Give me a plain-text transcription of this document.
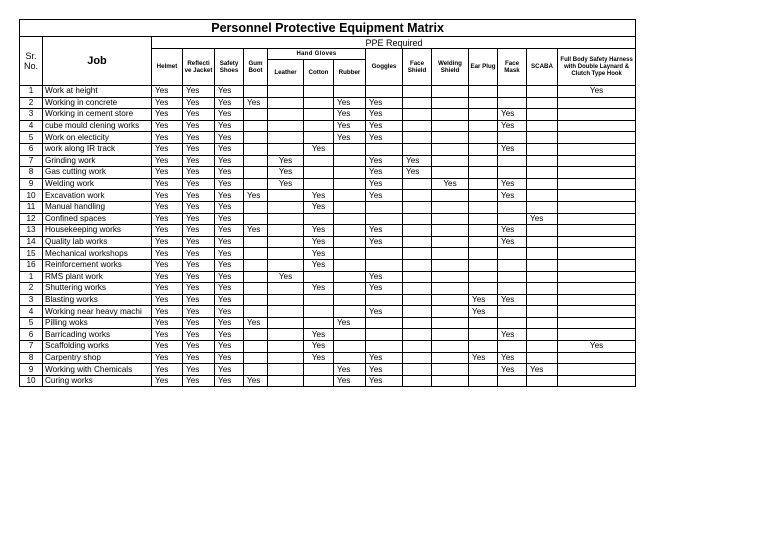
Personnel Protective Equipment Matrix															
Sr. No.	Job								PPE Required						
		Helmet	Reflecti ve Jacket	Safety Shoes	Gum Boot	Hand Gloves			Goggles	Face Shield	Welding Shield	Ear Plug	Face Mask	SCABA	Full Body Safety Harness with Double Laynard & Clutch Type Hook
						Leather	Cotton	Rubber							
1	Work at height	Yes	Yes	Yes											Yes
2	Working in concrete	Yes	Yes	Yes	Yes			Yes	Yes						
3	Working in cement store	Yes	Yes	Yes				Yes	Yes				Yes		
4	cube mould clening works	Yes	Yes	Yes				Yes	Yes				Yes		
5	Work on electicity	Yes	Yes	Yes				Yes	Yes						
6	work along IR track	Yes	Yes	Yes			Yes						Yes		
7	Grinding work	Yes	Yes	Yes		Yes			Yes	Yes					
8	Gas cutting work	Yes	Yes	Yes		Yes			Yes	Yes					
9	Welding work	Yes	Yes	Yes		Yes			Yes		Yes		Yes		
10	Excavation work	Yes	Yes	Yes	Yes		Yes		Yes				Yes		
11	Manual handling	Yes	Yes	Yes			Yes								
12	Confined spaces	Yes	Yes	Yes										Yes	
13	Housekeeping works	Yes	Yes	Yes	Yes		Yes		Yes				Yes		
14	Quality lab works	Yes	Yes	Yes			Yes		Yes				Yes		
15	Mechanical workshops	Yes	Yes	Yes			Yes								
16	Reinforcement works	Yes	Yes	Yes			Yes								
1	RMS plant work	Yes	Yes	Yes		Yes			Yes						
2	Shuttering works	Yes	Yes	Yes			Yes		Yes						
3	Blasting works	Yes	Yes	Yes								Yes	Yes		
4	Working near heavy machi	Yes	Yes	Yes					Yes			Yes			
5	Pilling woks	Yes	Yes	Yes	Yes			Yes							
6	Barricading works	Yes	Yes	Yes			Yes						Yes		
7	Scaffolding works	Yes	Yes	Yes			Yes								Yes
8	Carpentry shop	Yes	Yes	Yes			Yes		Yes			Yes	Yes		
9	Working with Chemicals	Yes	Yes	Yes				Yes	Yes				Yes	Yes	
10	Curing works	Yes	Yes	Yes	Yes			Yes	Yes						
